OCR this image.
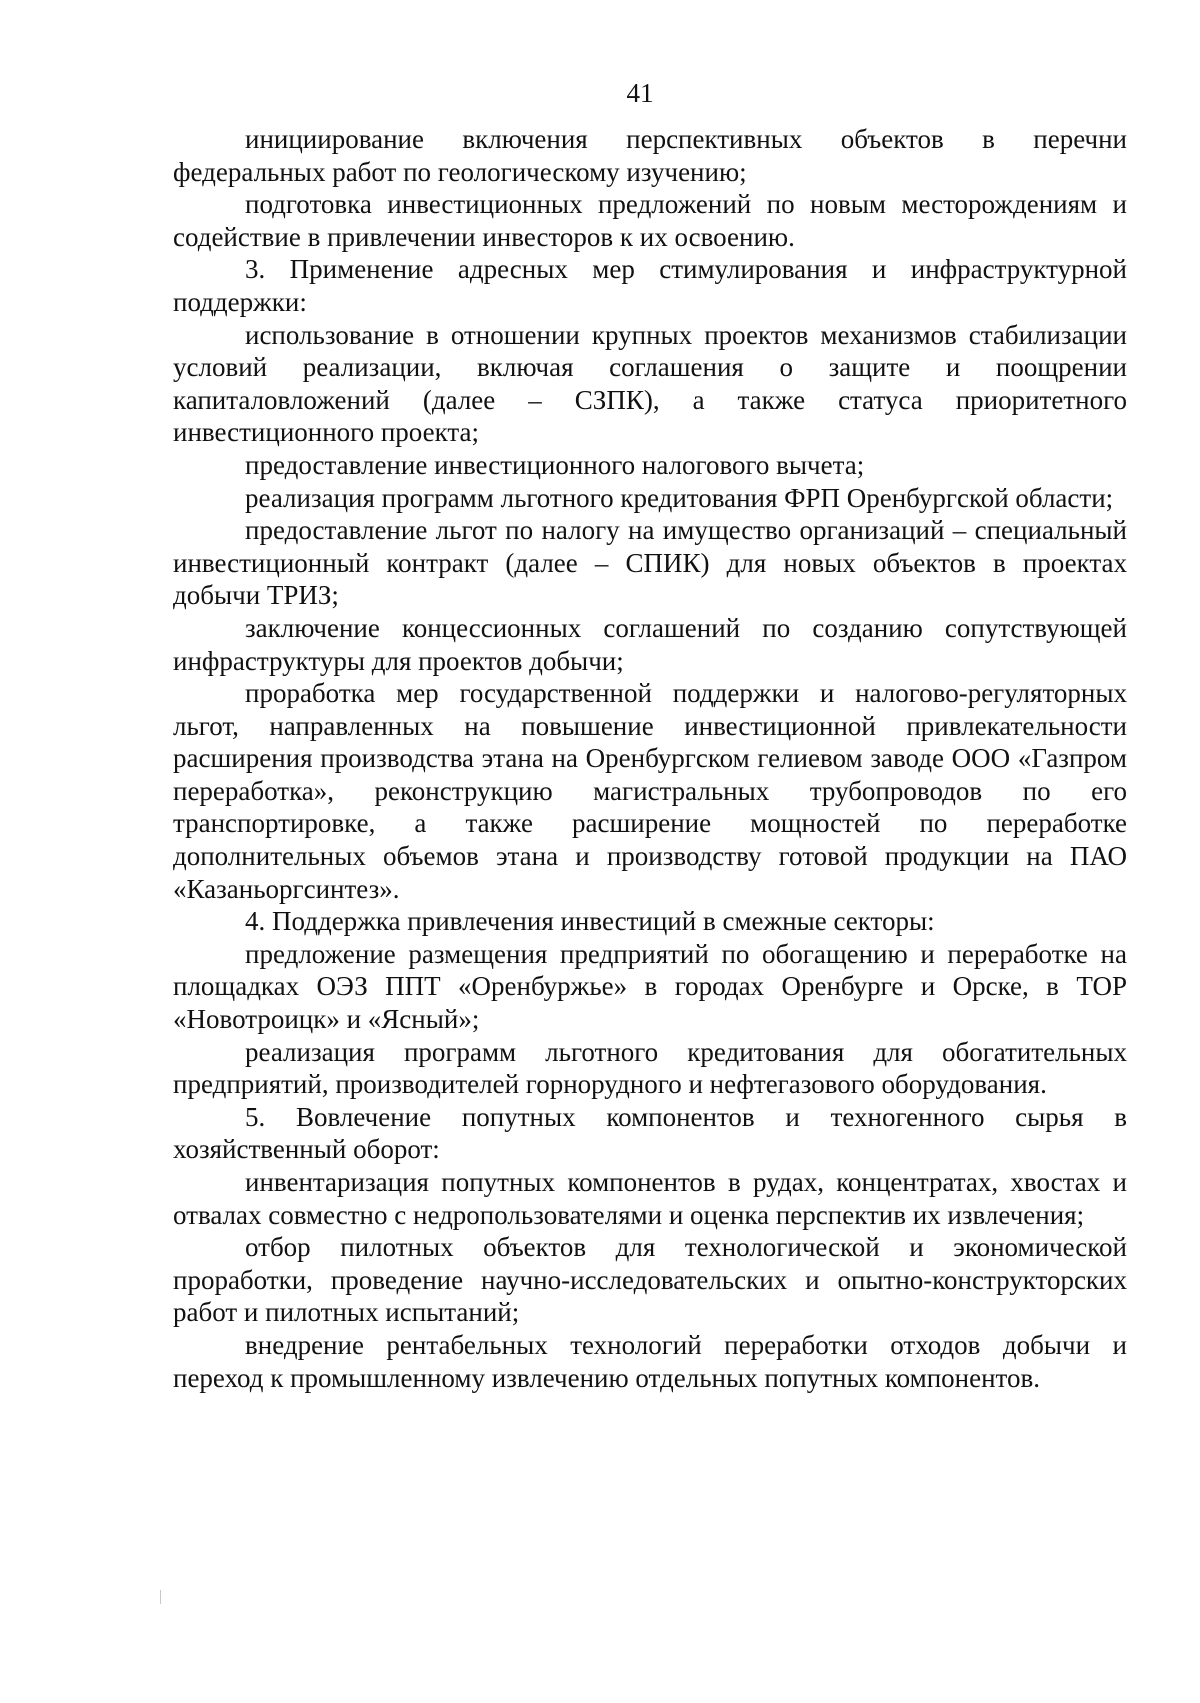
41

инициирование включения перспективных объектов в перечни федеральных работ по геологическому изучению;

подготовка инвестиционных предложений по новым месторождениям и содействие в привлечении инвесторов к их освоению.

3. Применение адресных мер стимулирования и инфраструктурной поддержки:

использование в отношении крупных проектов механизмов стабилизации условий реализации, включая соглашения о защите и поощрении капиталовложений (далее – СЗПК), а также статуса приоритетного инвестиционного проекта;

предоставление инвестиционного налогового вычета;

реализация программ льготного кредитования ФРП Оренбургской области;

предоставление льгот по налогу на имущество организаций – специальный инвестиционный контракт (далее – СПИК) для новых объектов в проектах добычи ТРИЗ;

заключение концессионных соглашений по созданию сопутствующей инфраструктуры для проектов добычи;

проработка мер государственной поддержки и налогово-регуляторных льгот, направленных на повышение инвестиционной привлекательности расширения производства этана на Оренбургском гелиевом заводе ООО «Газпром переработка», реконструкцию магистральных трубопроводов по его транспортировке, а также расширение мощностей по переработке дополнительных объемов этана и производству готовой продукции на ПАО «Казаньоргсинтез».

4. Поддержка привлечения инвестиций в смежные секторы:

предложение размещения предприятий по обогащению и переработке на площадках ОЭЗ ППТ «Оренбуржье» в городах Оренбурге и Орске, в ТОР «Новотроицк» и «Ясный»;

реализация программ льготного кредитования для обогатительных предприятий, производителей горнорудного и нефтегазового оборудования.

5. Вовлечение попутных компонентов и техногенного сырья в хозяйственный оборот:

инвентаризация попутных компонентов в рудах, концентратах, хвостах и отвалах совместно с недропользователями и оценка перспектив их извлечения;

отбор пилотных объектов для технологической и экономической проработки, проведение научно-исследовательских и опытно-конструкторских работ и пилотных испытаний;

внедрение рентабельных технологий переработки отходов добычи и переход к промышленному извлечению отдельных попутных компонентов.
